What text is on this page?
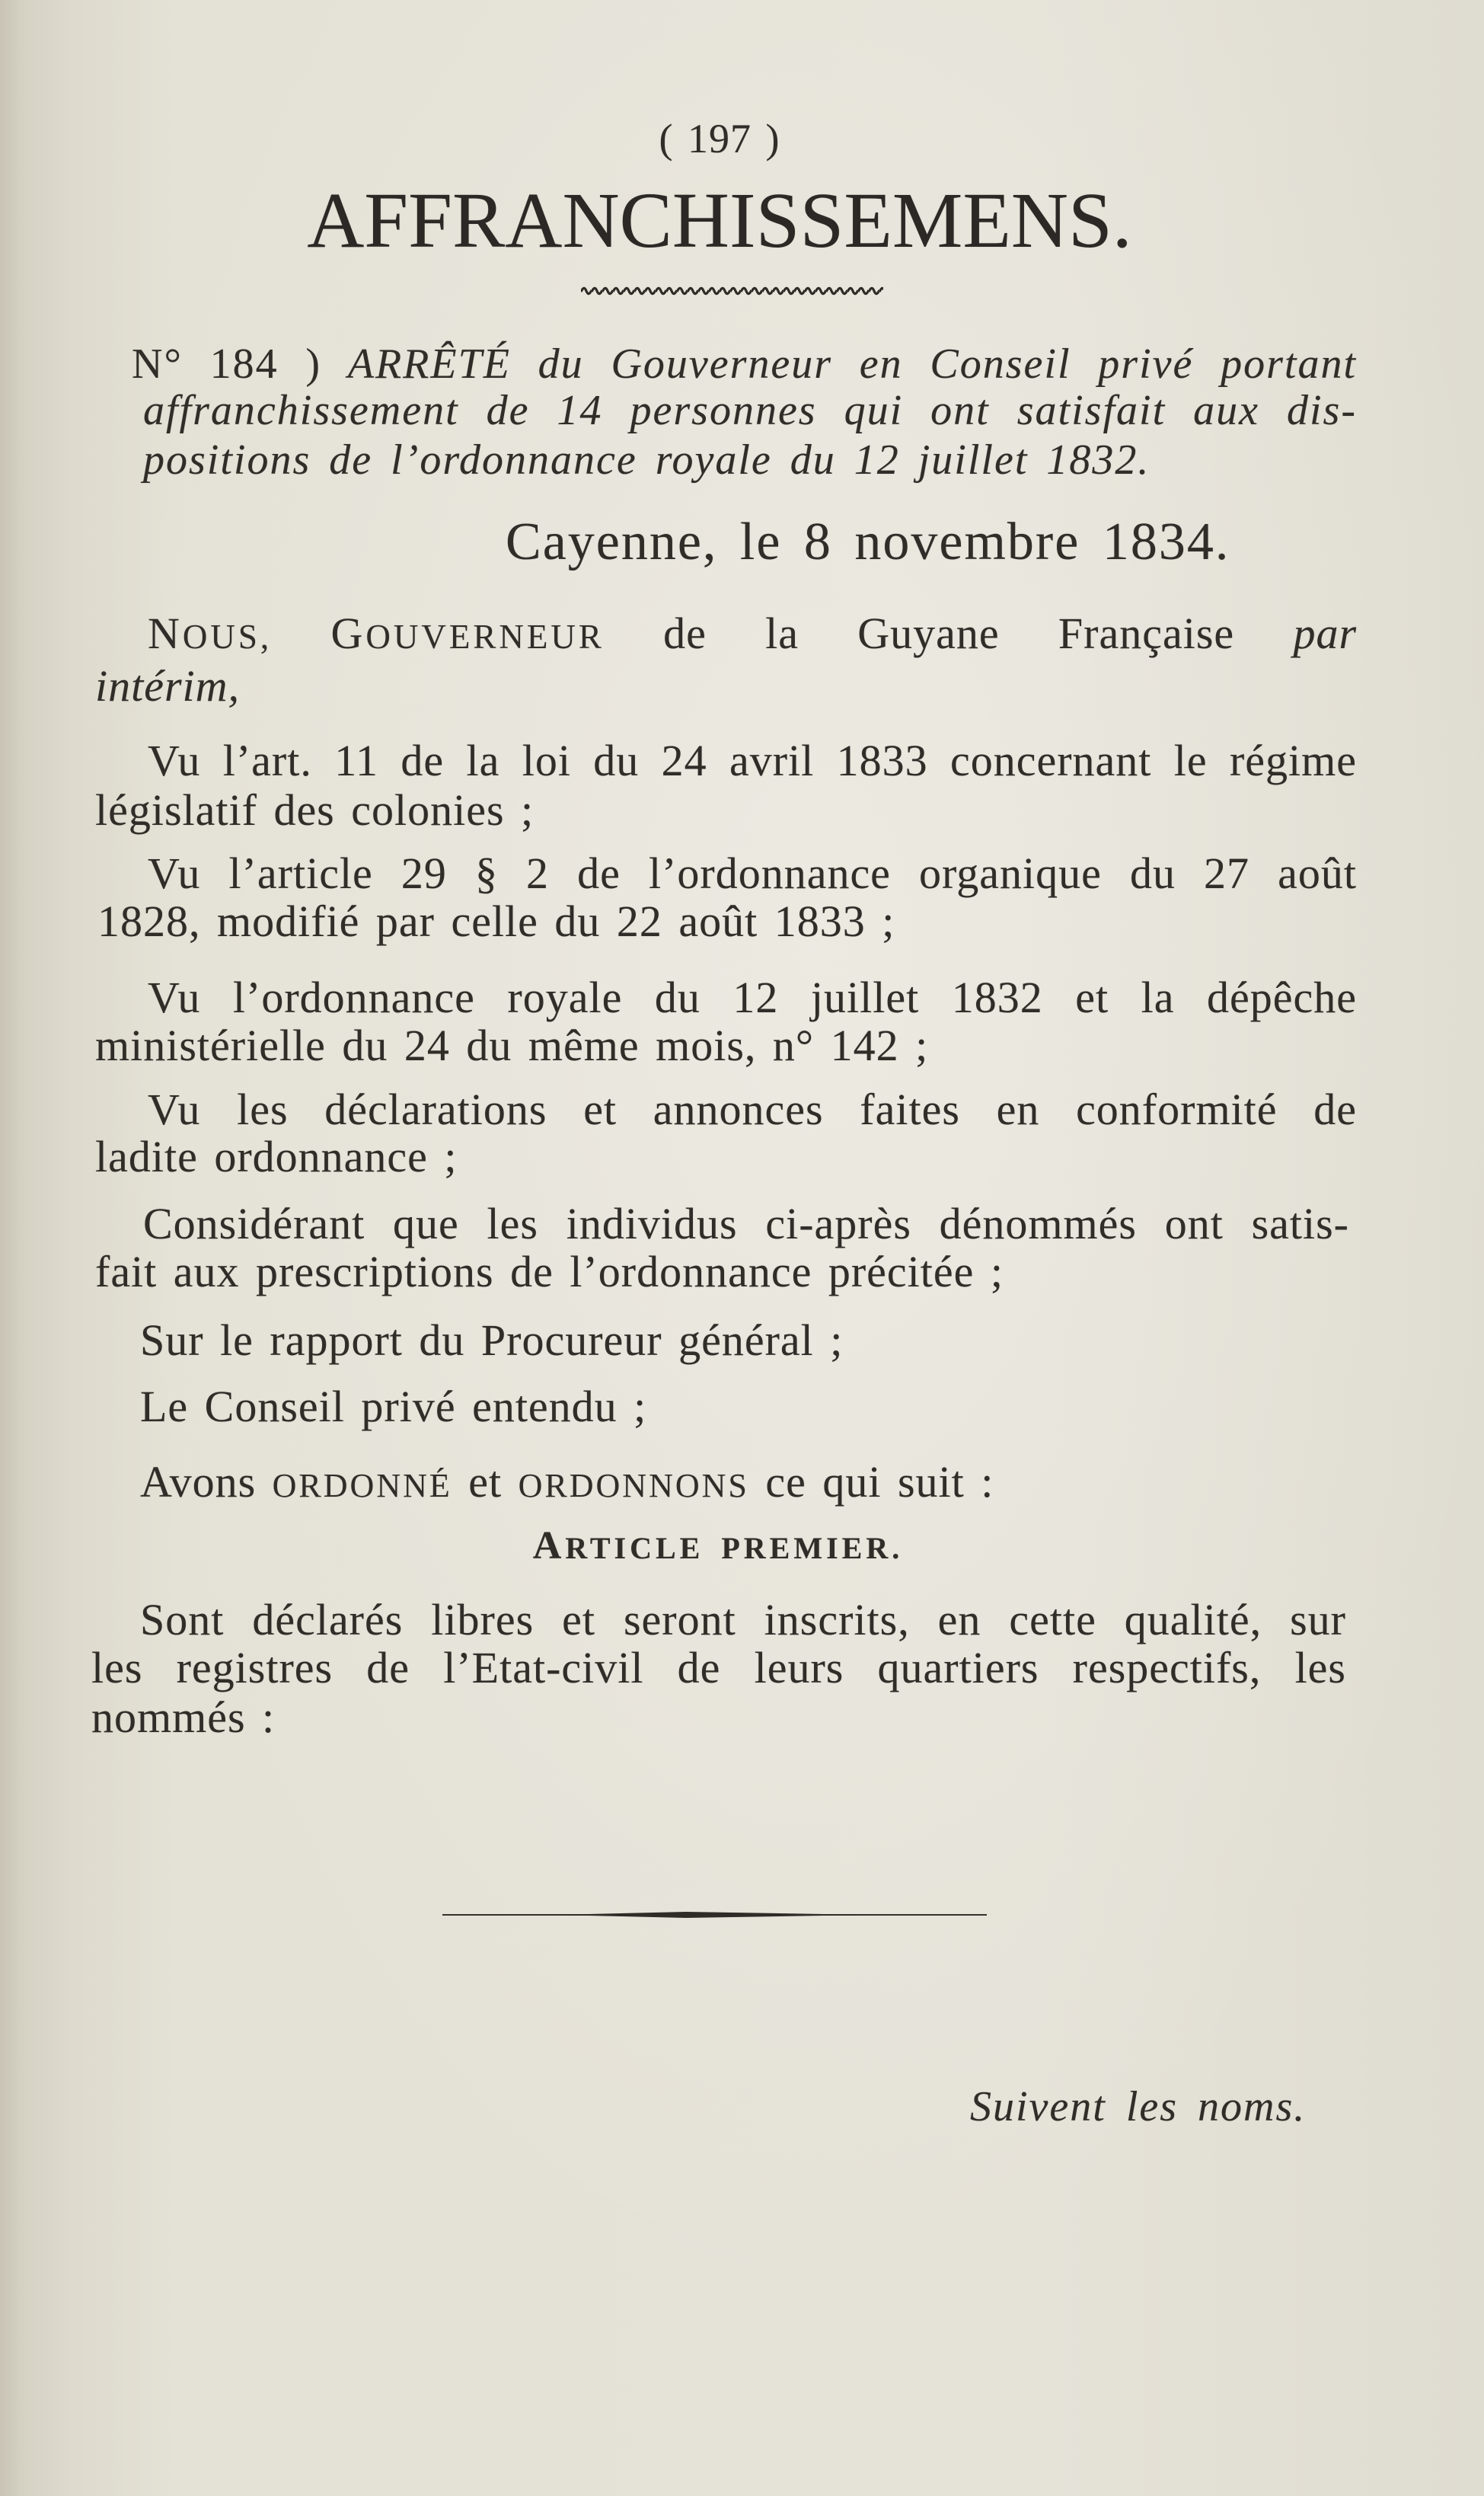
( 197 )
AFFRANCHISSEMENS.
N° 184 ) ARRÊTÉ du Gouverneur en Conseil privé portant
affranchissement de 14 personnes qui ont satisfait aux dis-
positions de l’ordonnance royale du 12 juillet 1832.
Cayenne, le 8 novembre 1834.
NOUS, GOUVERNEUR de la Guyane Française par
intérim,
Vu l’art. 11 de la loi du 24 avril 1833 concernant le régime
législatif des colonies ;
Vu l’article 29 § 2 de l’ordonnance organique du 27 août
1828, modifié par celle du 22 août 1833 ;
Vu l’ordonnance royale du 12 juillet 1832 et la dépêche
ministérielle du 24 du même mois, n° 142 ;
Vu les déclarations et annonces faites en conformité de
ladite ordonnance ;
Considérant que les individus ci-après dénommés ont satis-
fait aux prescriptions de l’ordonnance précitée ;
Sur le rapport du Procureur général ;
Le Conseil privé entendu ;
Avons ORDONNÉ et ORDONNONS ce qui suit :
ARTICLE PREMIER.
Sont déclarés libres et seront inscrits, en cette qualité, sur
les registres de l’Etat-civil de leurs quartiers respectifs, les
nommés :
Suivent les noms.
